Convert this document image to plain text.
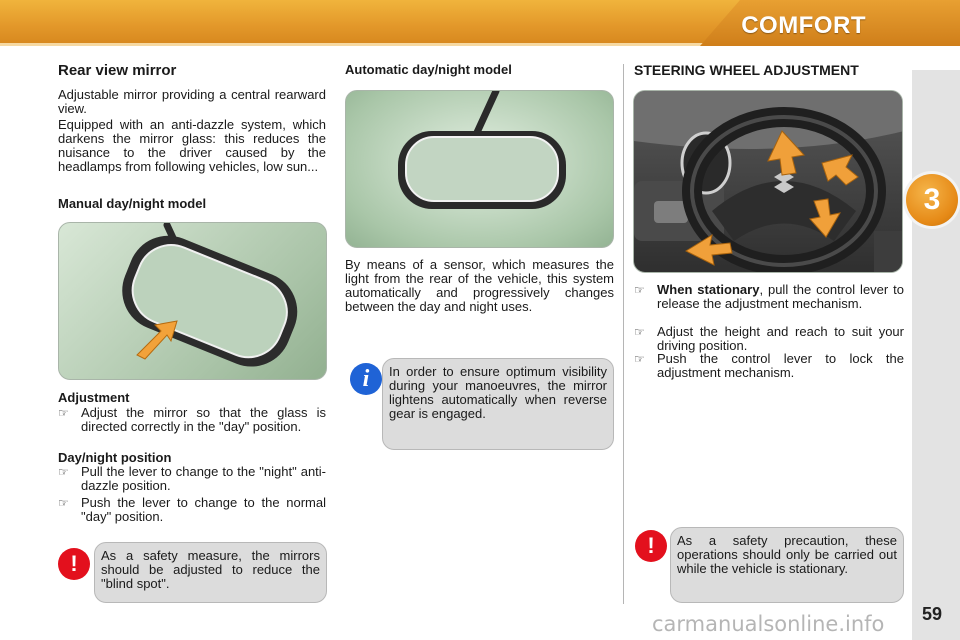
COMFORT
3
Rear view mirror
Adjustable mirror providing a central rearward view.
Equipped with an anti-dazzle system, which darkens the mirror glass: this reduces the nuisance to the driver caused by the headlamps from following vehicles, low sun...
Manual day/night model
Adjustment
☞ Adjust the mirror so that the glass is directed correctly in the "day" position.
Day/night position
☞ Pull the lever to change to the "night" anti-dazzle position.
☞ Push the lever to change to the normal "day" position.
!	As a safety measure, the mirrors should be adjusted to reduce the "blind spot".
Automatic day/night model
By means of a sensor, which measures the light from the rear of the vehicle, this system automatically and progressively changes between the day and night uses.
i	In order to ensure optimum visibility during your manoeuvres, the mirror lightens automatically when reverse gear is engaged.
STEERING WHEEL ADJUSTMENT
☞ When stationary, pull the control lever to release the adjustment mechanism.
☞ Adjust the height and reach to suit your driving position.
☞ Push the control lever to lock the adjustment mechanism.
!	As a safety precaution, these operations should only be carried out while the vehicle is stationary.
59
carmanualsonline.info
